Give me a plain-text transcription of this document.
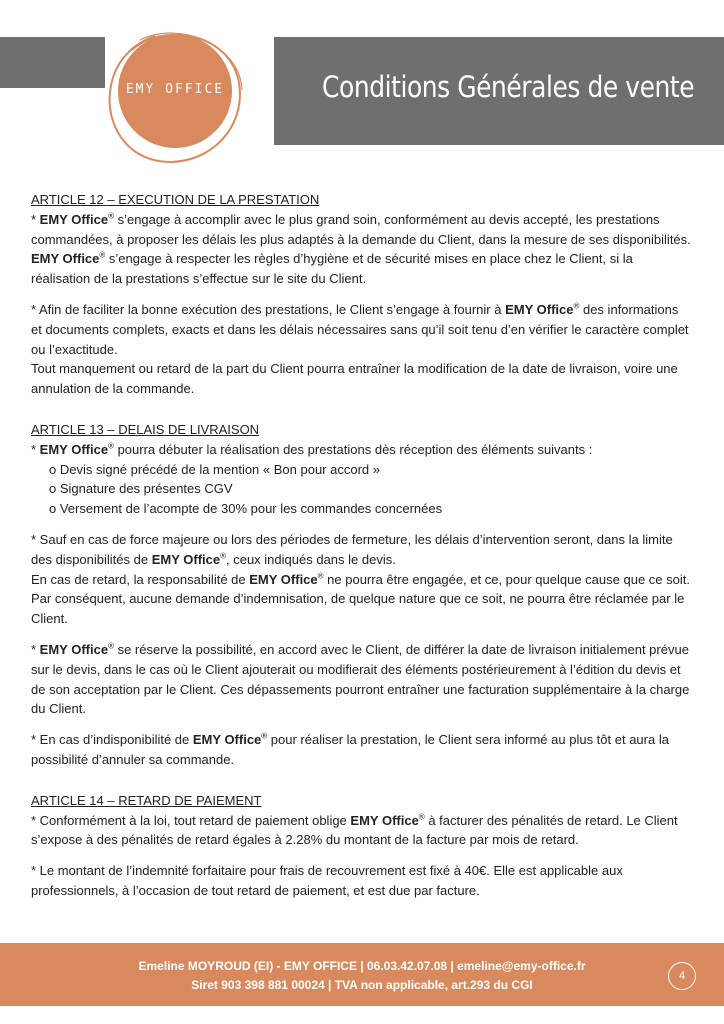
Conditions Générales de vente
EMY OFFICE

ARTICLE 12 – EXECUTION DE LA PRESTATION

* EMY Office® s’engage à accomplir avec le plus grand soin, conformément au devis accepté, les prestations commandées, à proposer les délais les plus adaptés à la demande du Client, dans la mesure de ses disponibilités.

EMY Office® s’engage à respecter les règles d’hygiène et de sécurité mises en place chez le Client, si la réalisation de la prestations s’effectue sur le site du Client.

* Afin de faciliter la bonne exécution des prestations, le Client s’engage à fournir à EMY Office® des informations et documents complets, exacts et dans les délais nécessaires sans qu’il soit tenu d’en vérifier le caractère complet ou l’exactitude.

Tout manquement ou retard de la part du Client pourra entraîner la modification de la date de livraison, voire une annulation de la commande.

ARTICLE 13 – DELAIS DE LIVRAISON

* EMY Office® pourra débuter la réalisation des prestations dès réception des éléments suivants :

o Devis signé précédé de la mention « Bon pour accord »

o Signature des présentes CGV

o Versement de l’acompte de 30% pour les commandes concernées

* Sauf en cas de force majeure ou lors des périodes de fermeture, les délais d’intervention seront, dans la limite des disponibilités de EMY Office®, ceux indiqués dans le devis.

En cas de retard, la responsabilité de EMY Office® ne pourra être engagée, et ce, pour quelque cause que ce soit. Par conséquent, aucune demande d’indemnisation, de quelque nature que ce soit, ne pourra être réclamée par le Client.

* EMY Office® se réserve la possibilité, en accord avec le Client, de différer la date de livraison initialement prévue sur le devis, dans le cas où le Client ajouterait ou modifierait des éléments postérieurement à l’édition du devis et de son acceptation par le Client. Ces dépassements pourront entraîner une facturation supplémentaire à la charge du Client.

* En cas d’indisponibilité de EMY Office® pour réaliser la prestation, le Client sera informé au plus tôt et aura la possibilité d’annuler sa commande.

ARTICLE 14 – RETARD DE PAIEMENT

* Conformément à la loi, tout retard de paiement oblige EMY Office® à facturer des pénalités de retard. Le Client s’expose à des pénalités de retard égales à 2.28% du montant de la facture par mois de retard.

* Le montant de l’indemnité forfaitaire pour frais de recouvrement est fixé à 40€. Elle est applicable aux professionnels, à l’occasion de tout retard de paiement, et est due par facture.

Emeline MOYROUD (EI) - EMY OFFICE | 06.03.42.07.08 | emeline@emy-office.fr
Siret 903 398 881 00024 | TVA non applicable, art.293 du CGI
4
